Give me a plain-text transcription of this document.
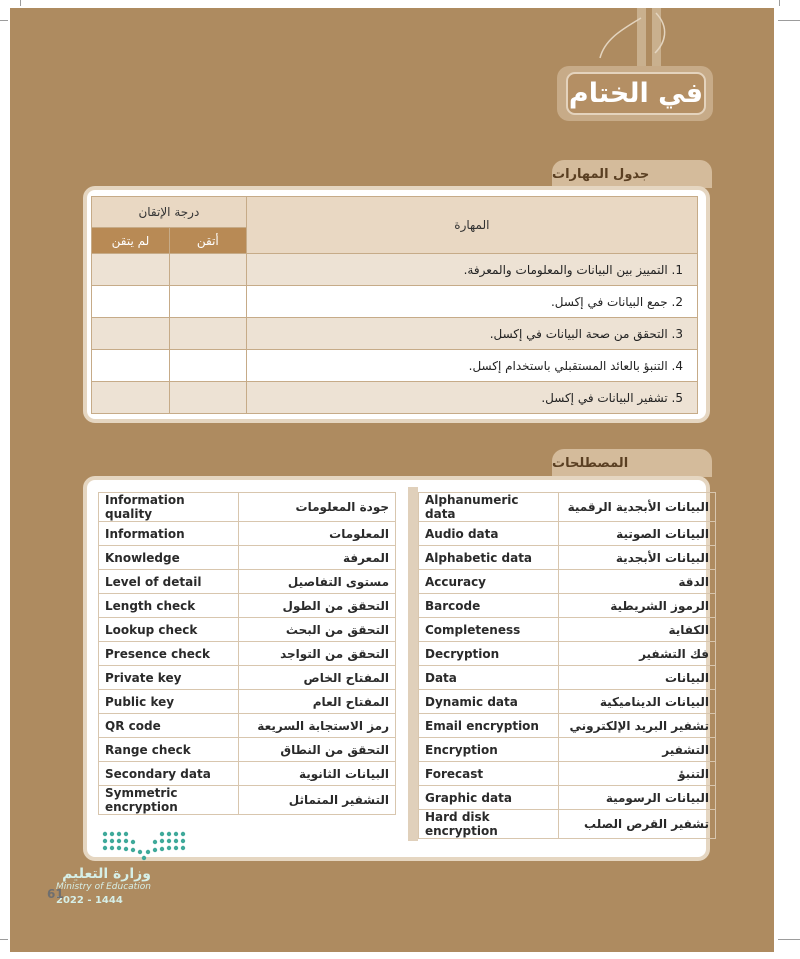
في الختام
جدول المهارات
درجة الإتقان		المهارة
لم يتقن	أتقن	
		1. التمييز بين البيانات والمعلومات والمعرفة.
		2. جمع البيانات في إكسل.
		3. التحقق من صحة البيانات في إكسل.
		4. التنبؤ بالعائد المستقبلي باستخدام إكسل.
		5. تشفير البيانات في إكسل.
المصطلحات
Information quality	جودة المعلومات
Information	المعلومات
Knowledge	المعرفة
Level of detail	مستوى التفاصيل
Length check	التحقق من الطول
Lookup check	التحقق من البحث
Presence check	التحقق من التواجد
Private key	المفتاح الخاص
Public key	المفتاح العام
QR code	رمز الاستجابة السريعة
Range check	التحقق من النطاق
Secondary data	البيانات الثانوية
Symmetric encryption	التشفير المتماثل
Alphanumeric data	البيانات الأبجدية الرقمية
Audio data	البيانات الصوتية
Alphabetic data	البيانات الأبجدية
Accuracy	الدقة
Barcode	الرموز الشريطية
Completeness	الكفاية
Decryption	فك التشفير
Data	البيانات
Dynamic data	البيانات الديناميكية
Email encryption	تشفير البريد الإلكتروني
Encryption	التشفير
Forecast	التنبؤ
Graphic data	البيانات الرسومية
Hard disk encryption	تشفير القرص الصلب
وزارة التعليم
Ministry of Education
2022 - 1444
61
